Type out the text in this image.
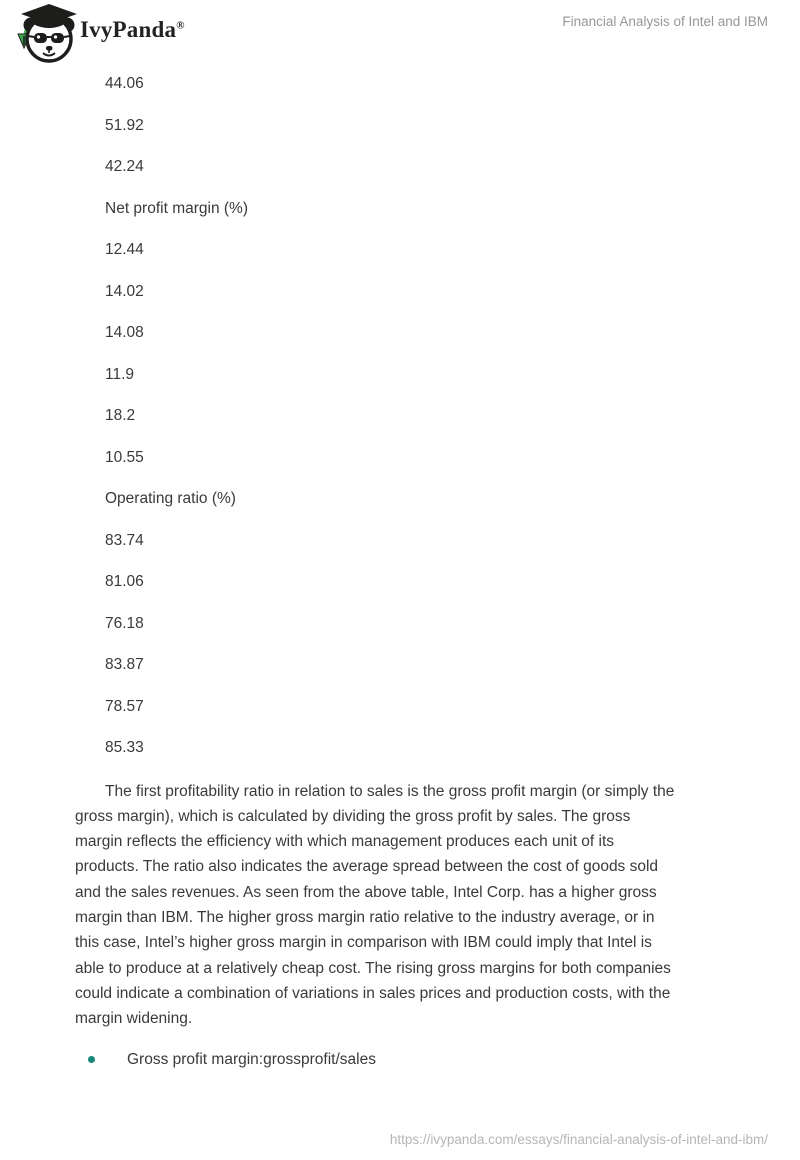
IvyPanda®	Financial Analysis of Intel and IBM
44.06
51.92
42.24
Net profit margin (%)
12.44
14.02
14.08
11.9
18.2
10.55
Operating ratio (%)
83.74
81.06
76.18
83.87
78.57
85.33
The first profitability ratio in relation to sales is the gross profit margin (or simply the
gross margin), which is calculated by dividing the gross profit by sales. The gross
margin reflects the efficiency with which management produces each unit of its
products. The ratio also indicates the average spread between the cost of goods sold
and the sales revenues. As seen from the above table, Intel Corp. has a higher gross
margin than IBM. The higher gross margin ratio relative to the industry average, or in
this case, Intel’s higher gross margin in comparison with IBM could imply that Intel is
able to produce at a relatively cheap cost. The rising gross margins for both companies
could indicate a combination of variations in sales prices and production costs, with the
margin widening.
Gross profit margin:grossprofit/sales
https://ivypanda.com/essays/financial-analysis-of-intel-and-ibm/
